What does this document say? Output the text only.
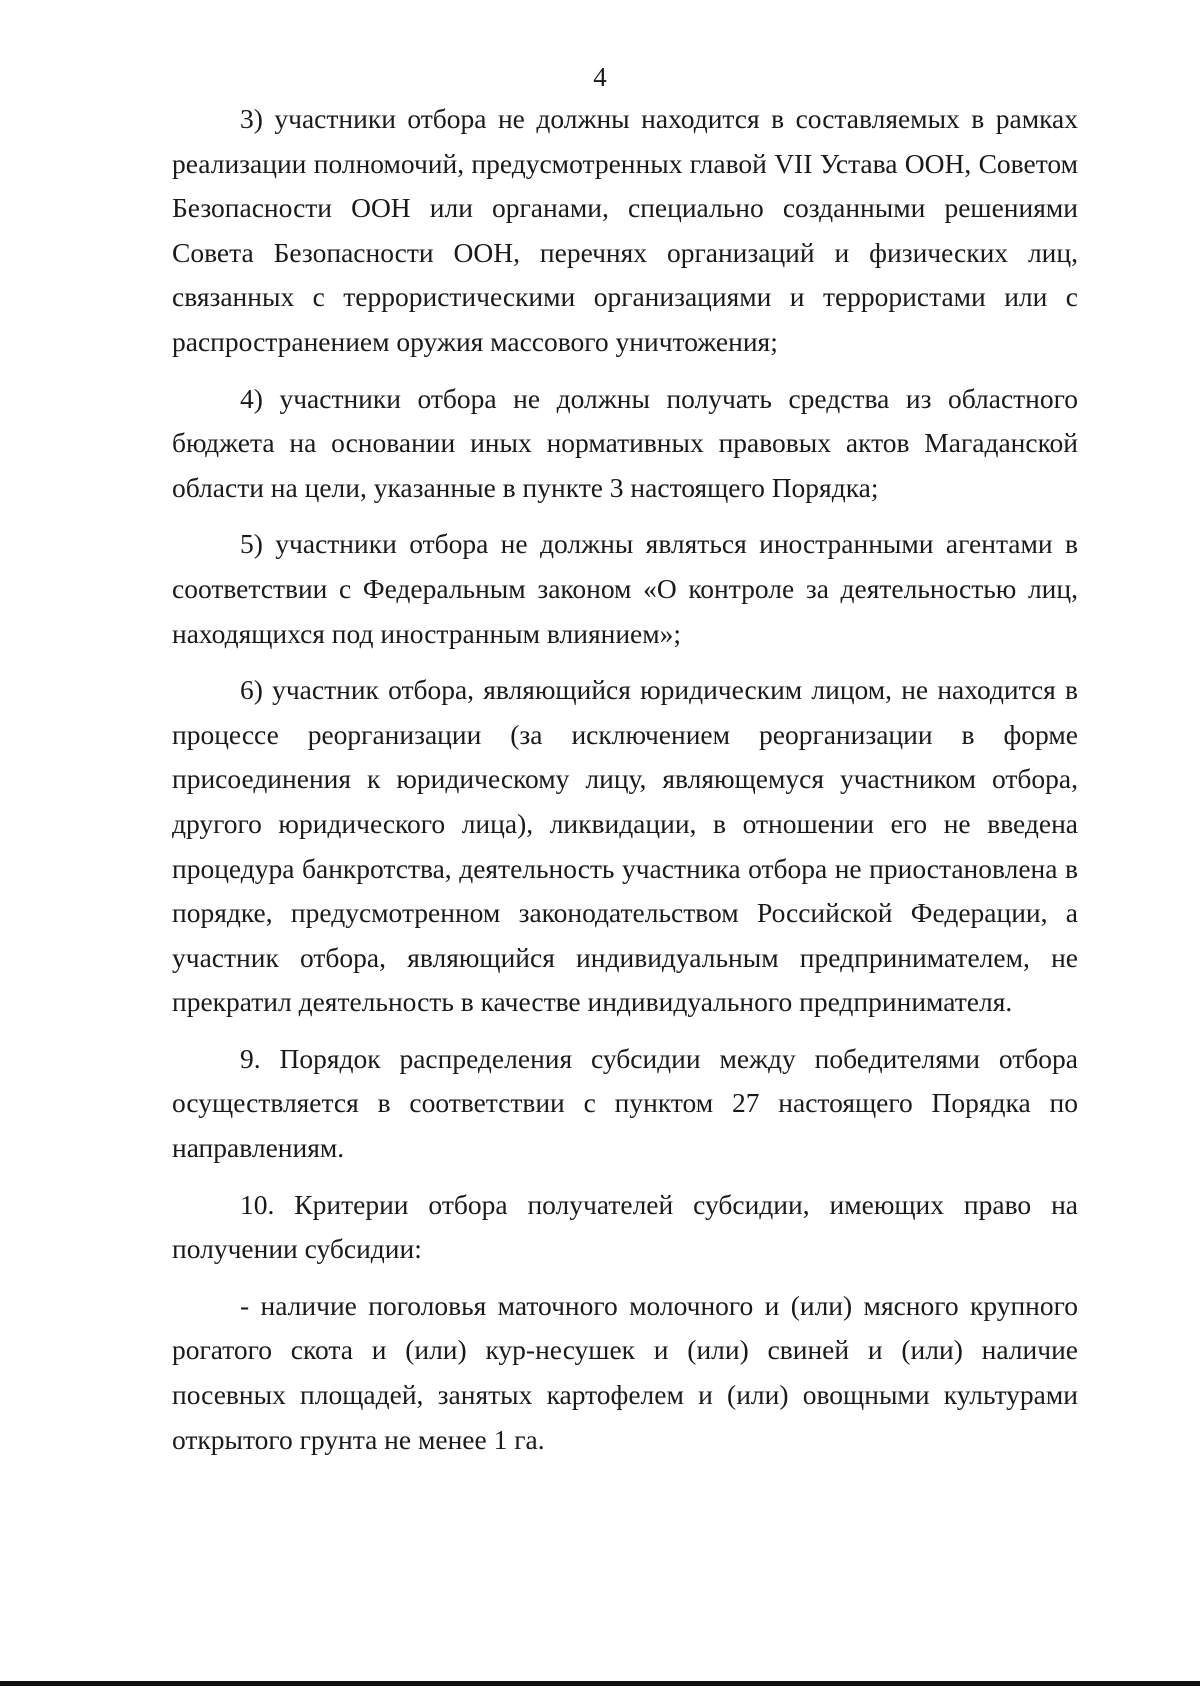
4

3) участники отбора не должны находится в составляемых в рамках реализации полномочий, предусмотренных главой VII Устава ООН, Советом Безопасности ООН или органами, специально созданными решениями Совета Безопасности ООН, перечнях организаций и физических лиц, связанных с террористическими организациями и террористами или с распространением оружия массового уничтожения;

4) участники отбора не должны получать средства из областного бюджета на основании иных нормативных правовых актов Магаданской области на цели, указанные в пункте 3 настоящего Порядка;

5) участники отбора не должны являться иностранными агентами в соответствии с Федеральным законом «О контроле за деятельностью лиц, находящихся под иностранным влиянием»;

6) участник отбора, являющийся юридическим лицом, не находится в процессе реорганизации (за исключением реорганизации в форме присоединения к юридическому лицу, являющемуся участником отбора, другого юридического лица), ликвидации, в отношении его не введена процедура банкротства, деятельность участника отбора не приостановлена в порядке, предусмотренном законодательством Российской Федерации, а участник отбора, являющийся индивидуальным предпринимателем, не прекратил деятельность в качестве индивидуального предпринимателя.

9. Порядок распределения субсидии между победителями отбора осуществляется в соответствии с пунктом 27 настоящего Порядка по направлениям.

10. Критерии отбора получателей субсидии, имеющих право на получении субсидии:

- наличие поголовья маточного молочного и (или) мясного крупного рогатого скота и (или) кур-несушек и (или) свиней и (или) наличие посевных площадей, занятых картофелем и (или) овощными культурами открытого грунта не менее 1 га.
